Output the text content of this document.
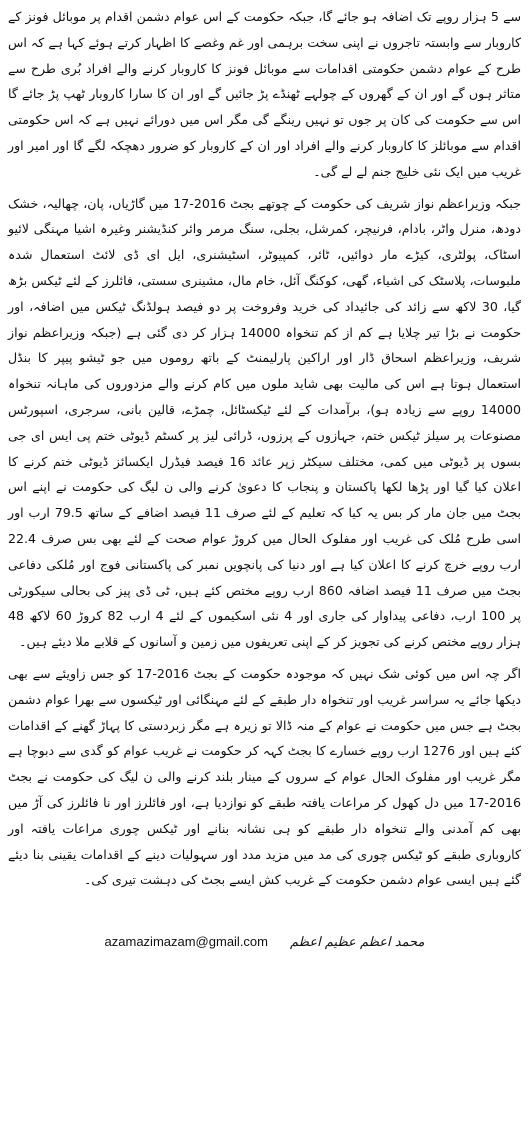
سے 5 ہزار روپے تک اضافہ ہو جائے گا، جبکہ حکومت کے اس عوام دشمن اقدام پر موبائل فونز کے کاروبار سے وابستہ تاجروں نے اپنی سخت برہمی اور غم وغصے کا اظہار کرتے ہوئے کہا ہے کہ اس طرح کے عوام دشمن حکومتی اقدامات سے موبائل فونز کا کاروبار کرنے والے افراد بُری طرح سے متاثر ہوں گے اور ان کے گھروں کے چولہے ٹھنڈے پڑ جائیں گے اور ان کا سارا کاروبار ٹھپ پڑ جائے گا اس سے حکومت کی کان پر جوں تو نہیں رینگے گی مگر اس میں دورائے نہیں ہے کہ اس حکومتی اقدام سے موبائلز کا کاروبار کرنے والے افراد اور ان کے کاروبار کو ضرور دھچکہ لگے گا اور امیر اور غریب میں ایک نئی خلیج جنم لے لے گی۔

جبکہ وزیراعظم نواز شریف کی حکومت کے چوتھے بجٹ 2016-17 میں گاڑیاں، پان، چھالیہ، خشک دودھ، منرل واٹر، بادام، فرنیچر، کمرشل، بجلی، سنگ مرمر وائر کنڈیشنر وغیرہ اشیا مہنگی لائیو اسٹاک، پولٹری، کیڑے مار دوائیں، ٹائر، کمپیوٹر، اسٹیشنری، ایل ای ڈی لائٹ استعمال شدہ ملبوسات، پلاسٹک کی اشیاء، گھی، کوکنگ آئل، خام مال، مشینری سستی، فائلرز کے لئے ٹیکس بڑھ گیا، 30 لاکھ سے زائد کی جائیداد کی خرید وفروخت پر دو فیصد ہولڈنگ ٹیکس میں اضافہ، اور حکومت نے بڑا تیر چلایا ہے کم از کم تنخواہ 14000 ہزار کر دی گئی ہے (جبکہ وزیراعظم نواز شریف، وزیراعظم اسحاق ڈار اور اراکین پارلیمنٹ کے باتھ روموں میں جو ٹیشو پیپر کا بنڈل استعمال ہوتا ہے اس کی مالیت بھی شاید ملوں میں کام کرنے والے مزدوروں کی ماہانہ تنخواہ 14000 روپے سے زیادہ ہو)، برآمدات کے لئے ٹیکسٹائل، چمڑے، قالین بانی، سرجری، اسپورٹس مصنوعات پر سیلز ٹیکس ختم، جہازوں کے پرزوں، ڈرائی لیز پر کسٹم ڈیوٹی ختم پی ایس ای جی بسوں پر ڈیوٹی میں کمی، مختلف سیکٹر زپر عائد 16 فیصد فیڈرل ایکسائز ڈیوٹی ختم کرنے کا اعلان کیا گیا اور پڑھا لکھا پاکستان و پنجاب کا دعویٰ کرنے والی ن لیگ کی حکومت نے اپنے اس بجٹ میں جان مار کر بس یہ کیا کہ تعلیم کے لئے صرف 11 فیصد اضافے کے ساتھ 79.5 ارب اور اسی طرح مُلک کی غریب اور مفلوک الحال میں کروڑ عوام صحت کے لئے بھی بس صرف 22.4 ارب روپے خرچ کرنے کا اعلان کیا ہے اور دنیا کی پانچویں نمبر کی پاکستانی فوج اور مُلکی دفاعی بجٹ میں صرف 11 فیصد اضافہ 860 ارب روپے مختص کئے ہیں، ٹی ڈی پیز کی بحالی سیکورٹی پر 100 ارب، دفاعی پیداوار کی جاری اور 4 نئی اسکیموں کے لئے 4 ارب 82 کروڑ 60 لاکھ 48 ہزار روپے مختص کرنے کی تجویز کر کے اپنی تعریفوں میں زمین و آسانوں کے قلابے ملا دیئے ہیں۔

اگر چہ اس میں کوئی شک نہیں کہ موجودہ حکومت کے بجٹ 2016-17 کو جس زاویئے سے بھی دیکھا جائے یہ سراسر غریب اور تنخواہ دار طبقے کے لئے مہنگائی اور ٹیکسوں سے بھرا عوام دشمن بجٹ ہے جس میں حکومت نے عوام کے منہ ڈالا تو زیرہ ہے مگر زبردستی کا پہاڑ گھنے کے اقدامات کئے ہیں اور 1276 ارب روپے خسارے کا بجٹ کہہ کر حکومت نے غریب عوام کو گدی سے دبوچا ہے مگر غریب اور مفلوک الحال عوام کے سروں کے مینار بلند کرنے والی ن لیگ کی حکومت نے بجٹ 2016-17 میں دل کھول کر مراعات یافتہ طبقے کو نوازدیا ہے، اور فائلرز اور نا فائلرز کی آڑ میں بھی کم آمدنی والے تنخواہ دار طبقے کو ہی نشانہ بنانے اور ٹیکس چوری مراعات یافتہ اور کاروباری طبقے کو ٹیکس چوری کی مد میں مزید مدد اور سہولیات دینے کے اقدامات یقینی بنا دیئے گئے ہیں ایسی عوام دشمن حکومت کے غریب کش ایسے بجٹ کی دہشت تیری کی۔

azamazimazam@gmail.com محمد اعظم عظیم اعظم
